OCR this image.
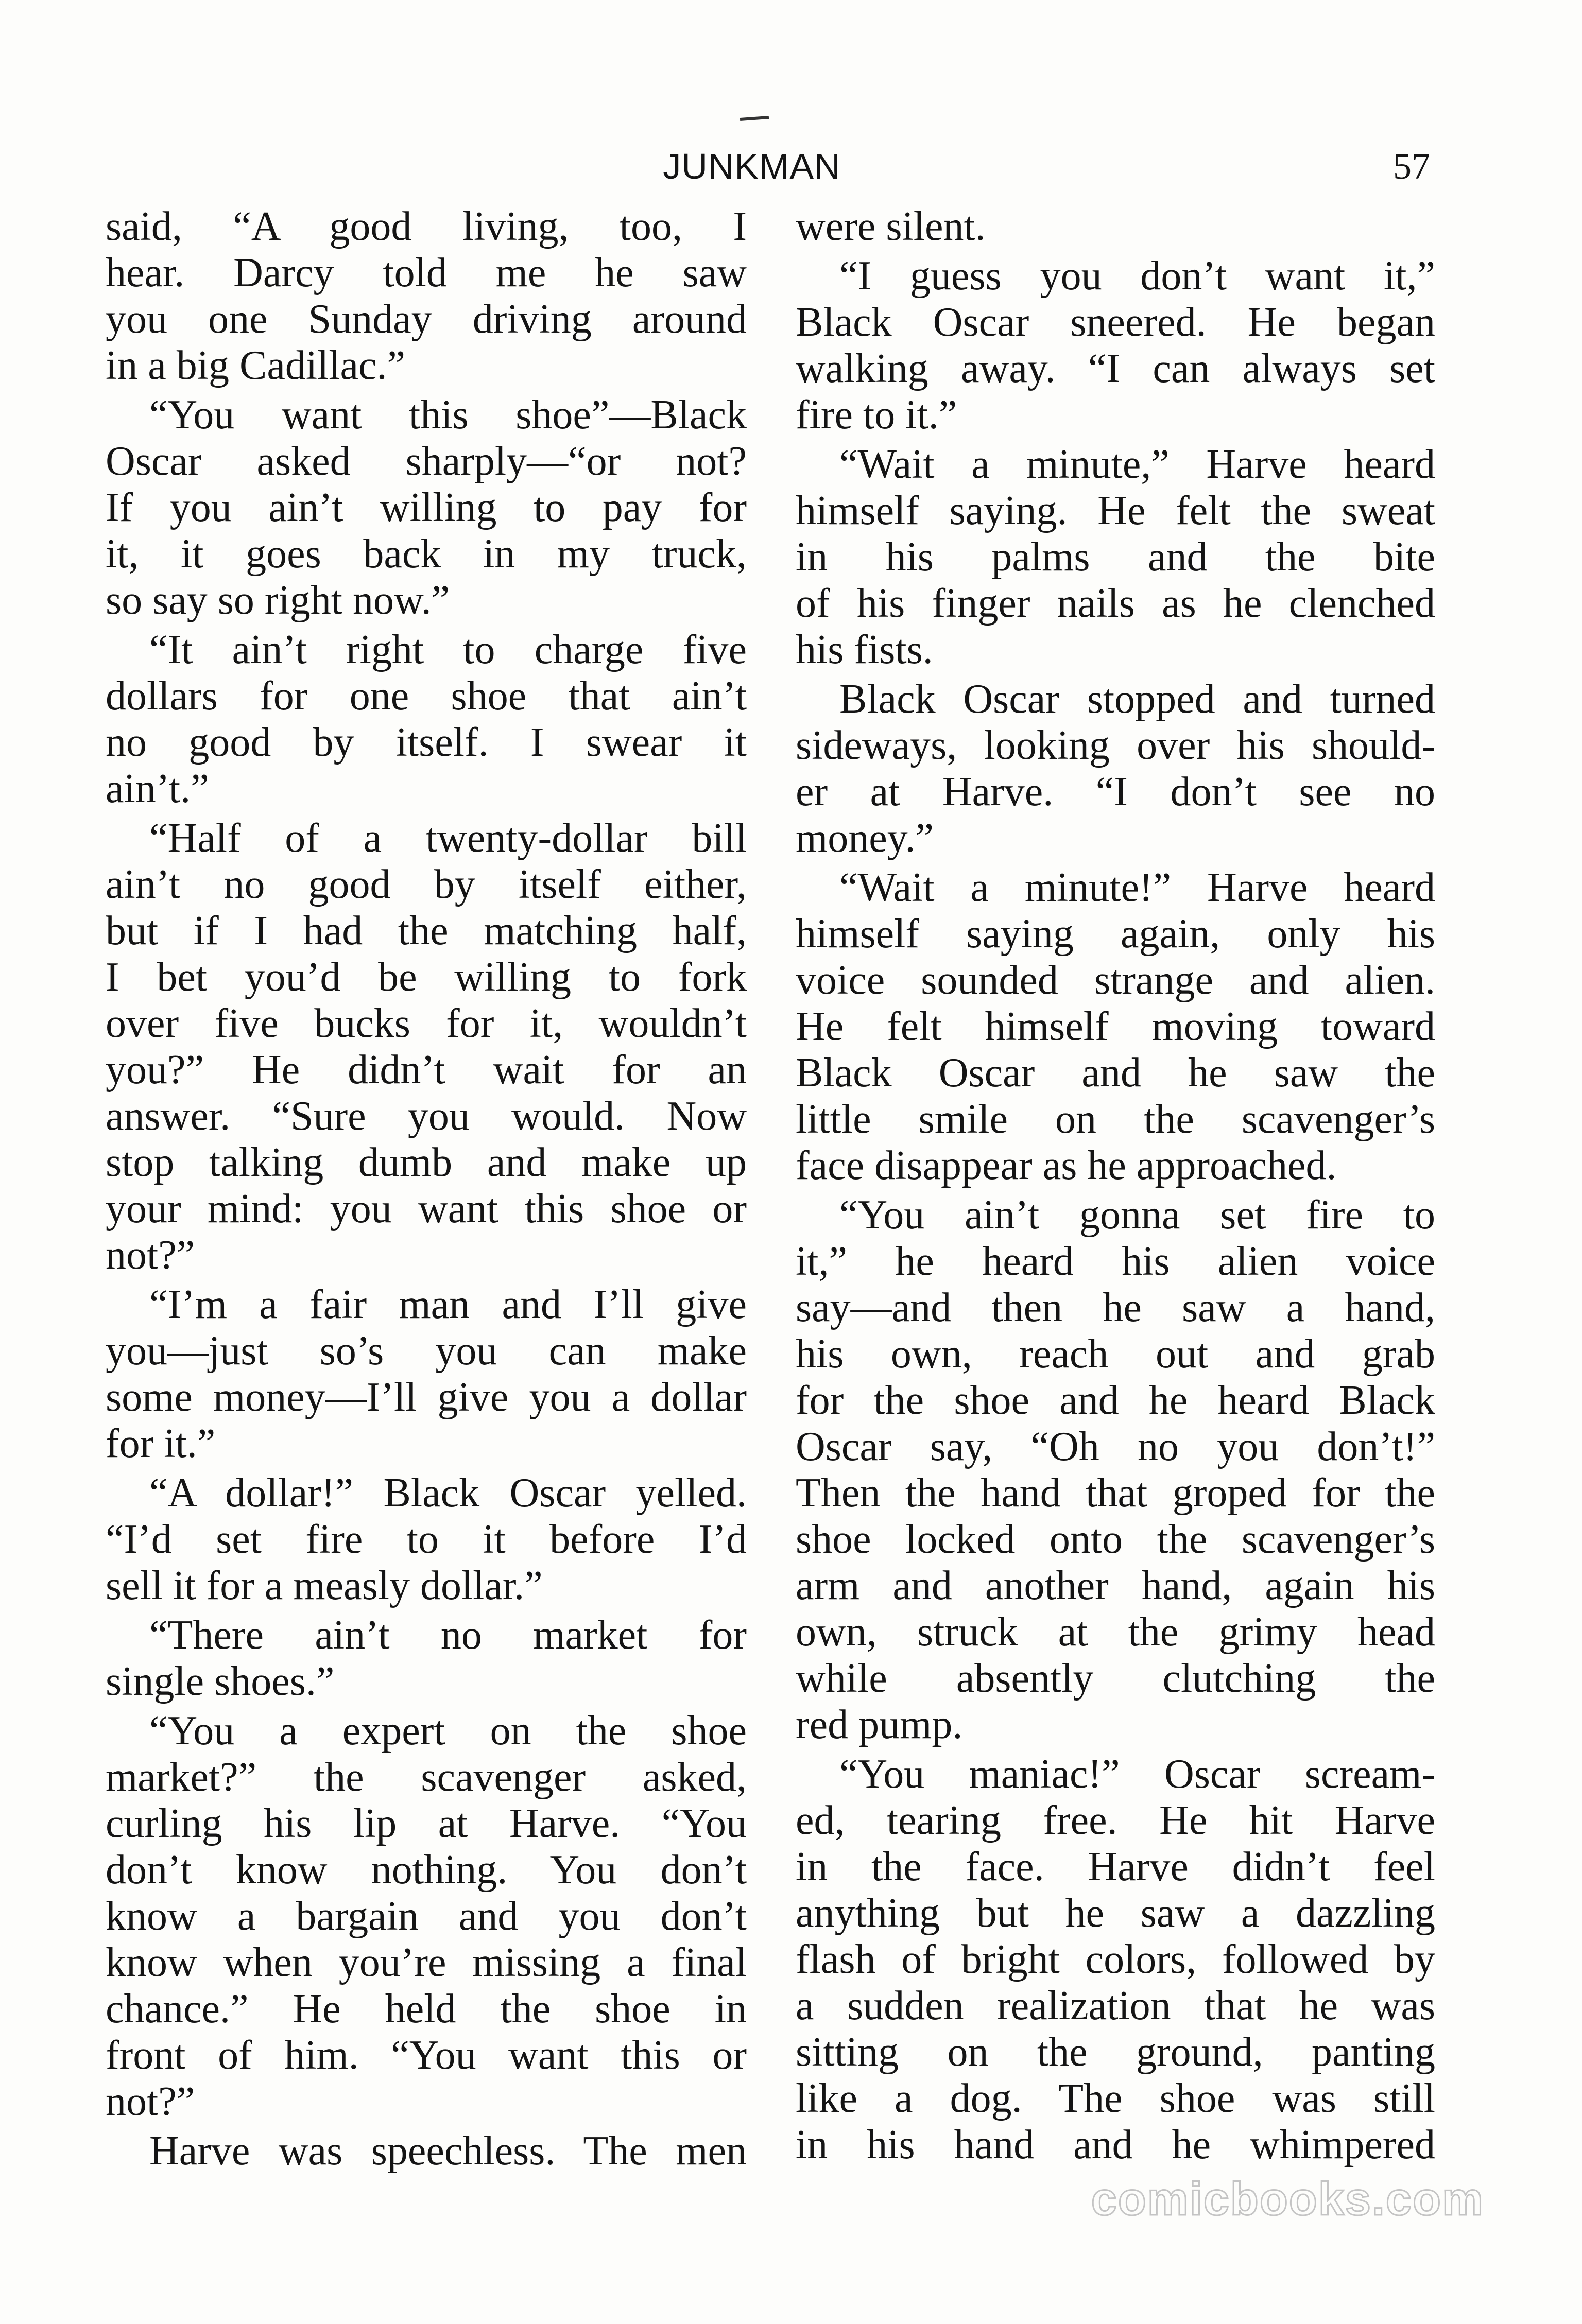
JUNKMAN	57
said, “A good living, too, I
hear. Darcy told me he saw
you one Sunday driving around
in a big Cadillac.”
“You want this shoe”—Black
Oscar asked sharply—“or not?
If you ain’t willing to pay for
it, it goes back in my truck,
so say so right now.”
“It ain’t right to charge five
dollars for one shoe that ain’t
no good by itself. I swear it
ain’t.”
“Half of a twenty-dollar bill
ain’t no good by itself either,
but if I had the matching half,
I bet you’d be willing to fork
over five bucks for it, wouldn’t
you?” He didn’t wait for an
answer. “Sure you would. Now
stop talking dumb and make up
your mind: you want this shoe or
not?”
“I’m a fair man and I’ll give
you—just so’s you can make
some money—I’ll give you a dollar
for it.”
“A dollar!” Black Oscar yelled.
“I’d set fire to it before I’d
sell it for a measly dollar.”
“There ain’t no market for
single shoes.”
“You a expert on the shoe
market?” the scavenger asked,
curling his lip at Harve. “You
don’t know nothing. You don’t
know a bargain and you don’t
know when you’re missing a final
chance.” He held the shoe in
front of him. “You want this or
not?”
Harve was speechless. The men
were silent.
“I guess you don’t want it,”
Black Oscar sneered. He began
walking away. “I can always set
fire to it.”
“Wait a minute,” Harve heard
himself saying. He felt the sweat
in his palms and the bite
of his finger nails as he clenched
his fists.
Black Oscar stopped and turned
sideways, looking over his should-
er at Harve. “I don’t see no
money.”
“Wait a minute!” Harve heard
himself saying again, only his
voice sounded strange and alien.
He felt himself moving toward
Black Oscar and he saw the
little smile on the scavenger’s
face disappear as he approached.
“You ain’t gonna set fire to
it,” he heard his alien voice
say—and then he saw a hand,
his own, reach out and grab
for the shoe and he heard Black
Oscar say, “Oh no you don’t!”
Then the hand that groped for the
shoe locked onto the scavenger’s
arm and another hand, again his
own, struck at the grimy head
while absently clutching the
red pump.
“You maniac!” Oscar scream-
ed, tearing free. He hit Harve
in the face. Harve didn’t feel
anything but he saw a dazzling
flash of bright colors, followed by
a sudden realization that he was
sitting on the ground, panting
like a dog. The shoe was still
in his hand and he whimpered
comicbooks.com
